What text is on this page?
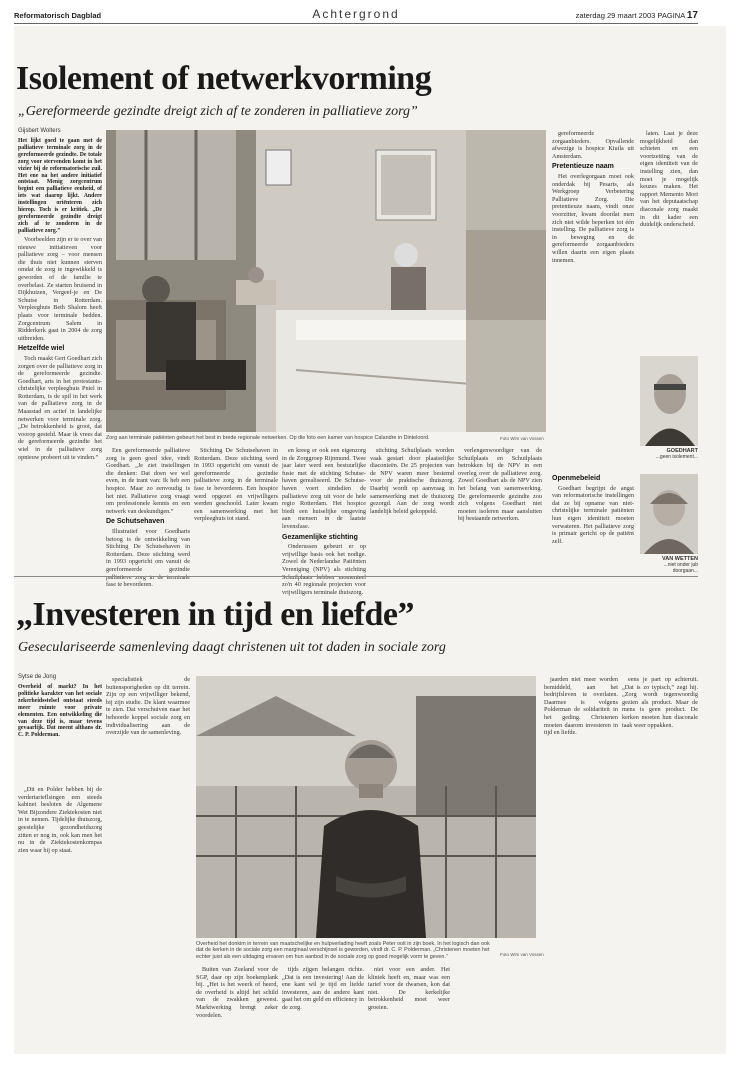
Reformatorisch Dagblad	Achtergrond	zaterdag 29 maart 2003 PAGINA 17
Isolement of netwerkvorming
„Gereformeerde gezindte dreigt zich af te zonderen in palliatieve zorg”
Gijsbert Wolters
Het lijkt goed te gaan met de palliatieve terminale zorg in de gereformeerde gezindte. De totale zorg voor stervenden komt in het vizier bij de reformatorische zuil. Het ene na het andere initiatief ontstaat. Menig zorgcentrum begint een palliatieve eenheid, of iets wat daarop lijkt. Andere instellingen oriënteren zich hierop. Toch is er kritiek. „De gereformeerde gezindte dreigt zich af te zonderen in de palliatieve zorg.”

Voorbeelden zijn er te over van nieuwe initiatieven voor palliatieve zorg – voor mensen die thuis niet kunnen sterven omdat de zorg te ingewikkeld is geworden of de familie te overbelast. Ze starten bruisend in Dijkhuizen, Vergeef-je en De Schutse in Rotterdam. Verpleeghuis Beth Shalom heeft plaats voor terminale bedden. Zorgcentrum Salem in Ridderkerk gaat in 2004 de zorg uitbreiden.

Hetzelfde wiel

Toch maakt Gert Goedhart zich zorgen over de palliatieve zorg in de gereformeerde gezindte. Goedhart, arts in het protestants-christelijke verpleeghuis Pniel in Rotterdam, is de spil in het werk van de palliatieve zorg in de Maasstad en actief in landelijke netwerken voor terminale zorg. „De betrokkenheid is groot, dat voorop gesteld. Maar ik vrees dat de gereformeerde gezindte het wiel in de palliatieve zorg opnieuw probeert uit te vinden.”

Zorg aan terminale patiënten gebeurt het best in brede regionale netwerken. Op die foto een kamer van hospice Calandre in Dinteloord.	Foto Wim van Vossen

Een gereformeerde palliatieve zorg is geen goed idee, vindt Goedhart. „Je ziet instellingen die denken: Dat doen we wel even, in de trant van: Ik heb een hospice. Maar zo eenvoudig is het niet. Palliatieve zorg vraagt om professionele kennis en een netwerk van deskundigen.”

De Schutsehaven

Illustratief voor Goedharts betoog is de ontwikkeling van Stichting De Schutsehaven in Rotterdam. Deze stichting werd in 1993 opgericht om vanuit de gereformeerde gezindte palliatieve zorg in de terminale fase te bevorderen.

Stichting De Schutsehaven in Rotterdam. Deze stichting werd in 1993 opgericht om vanuit de gereformeerde gezindte palliatieve zorg in de terminale fase te bevorderen. Een hospice werd opgezet en vrijwilligers werden geschoold. Later kwam een samenwerking met het verpleeghuis tot stand.

en kreeg er ook een eigenzorg in de Zorggroep Rijnmond. Twee jaar later werd een bestuurlijke fusie met de stichting Schutse-haven gerealiseerd. De Schutse-haven voert sindsdien de palliatieve zorg uit voor de hele regio Rotterdam. Het hospice biedt een huiselijke omgeving aan mensen in de laatste levensfase.

Gezamenlijke stichting

Onderussen gebeurt er op vrijwillige basis ook het nodige. Zowel de Nederlandse Patiënten Vereniging (NPV) als stichting Schuilplaats hebben momenteel zo'n 40 regionale projecten voor vrijwilligers terminale thuiszorg.

stichting Schuilplaats worden vaak gestart door plaatselijke diaconieën. De 25 projecten van de NPV waren meer bestemd voor de praktische thuiszorg. Daarbij wordt op aanvraag in samenwerking met de thuiszorg gezorgd. Aan de zorg wordt landelijk beleid gekoppeld.

verlengenwoordiger van de Schuilplaats en Schuilplaats betrokken bij de NPV in een overleg over de palliatieve zorg. Zowel Goedhart als de NPV zien het belang van samenwerking. De gereformeerde gezindte zou zich volgens Goedhart niet moeten isoleren maar aansluiten bij bestaande netwerken.

gereformeerde zorgaanbieders. Opvallende afwezige is hospice Kiuila uit Amsterdam.

Pretentieuze naam

Het overlegorgaan moet ook onderdak bij Pesarts, als Werkgroep Verbetering Palliatieve Zorg. Die pretentieuze naam, vindt onze voorzitter, kwam doordat men zich niet wilde beperken tot één instelling. De palliatieve zorg is in beweging en de gereformeerde zorgaanbieders willen daarin een eigen plaats innemen.

laten. Laat je deze mogelijkheid dan schieten en een voortzetting van de eigen identiteit van de instelling zien, dan moet je mogelijk keuzes maken. Het rapport Memento Mori van het deputaatschap diaconale zorg maakt in dit kader een duidelijk onderscheid.

GOEDHART
...geen isolement...
Openmebeleid

Goedhart begrijpt de angst van reformatorische instellingen dat ze bij opname van niet-christelijke terminale patiënten hun eigen identiteit moeten verwateren. Het palliatieve zorg is primair gericht op de patiënt zelf.

VAN WETTEN
...niet onder jub doorgaan...
„Investeren in tijd en liefde”
Geseculariseerde samenleving daagt christenen uit tot daden in sociale zorg
Sytse de Jong
Overheid of markt? In het politieke karakter van het sociale zekerheidsstelsel ontstaat steeds meer ruimte voor private elementen. Een ontwikkeling die van deze tijd is, maar tevens gevaarlijk. Dat meent althans dr. C. P. Polderman.

„Dit en Polder hebben bij de verdertarieflsingen een steeds kabinet besloten de Algemene Wet Bijzondere Ziektekosten niet in te nemen. Tijdelijke thuiszorg, geestelijke gezondheidszorg zitten er nog in, ook kan men het nu in de Ziektekostenkompas zien waar hij op staat.

specialistiek de buitensporigheden op dit terrein. Zijn op een vrijwilliger bekend, bij zijn studie. De klant waarmee te zien. Dat verschuiven naar het behoorde koppel sociale zorg en individualisering aan de overzijde van de samenleving.

Overheid het donkim in terrein van maatschelijke en hulpverlading heeft zoals Peter ooit in zijn boek. In het logisch dan ook dat de kerken in de sociale zorg een marginaal verschijnsel is geworden, vindt dr. C. P. Polderman. „Christenen moeten het echter juist als een uitdaging ervaren om hun aanbod in de sociale zorg op goed mogelijk vorm te geven.”	Foto Wim van Vossen

Buiten van Zeeland voor de SGP, daar op zijn boekenplank bij. „Het is het weerk of heerd, de overheid is altijd het schild van de zwakken geweest. Marktwerking brengt zeker voordelen.

tijds zijgen belangen richte. „Dat is een investering! Aan de ene kant wil je tijd en liefde investeren, aan de andere kant gaat het om geld en efficiency in de zorg.

niet voor een ander. Het kliniek heeft en, maar was een tarief voor de dwarsen, kon dat niet. De kerkelijke betrokkenheid moet weer groeien.

jaarden niet meer worden bemiddeld, aan het bedrijfsleven te overlaten. Daarmee is volgens Polderman de solidariteit in het geding. Christenen moeten daarom investeren in tijd en liefde.

eens je part op achteruit. „Dat is zo typisch,” zegt hij. „Zorg wordt tegenwoordig gezien als product. Maar de mens is geen product. De kerken moeten hun diaconale taak weer oppakken.
